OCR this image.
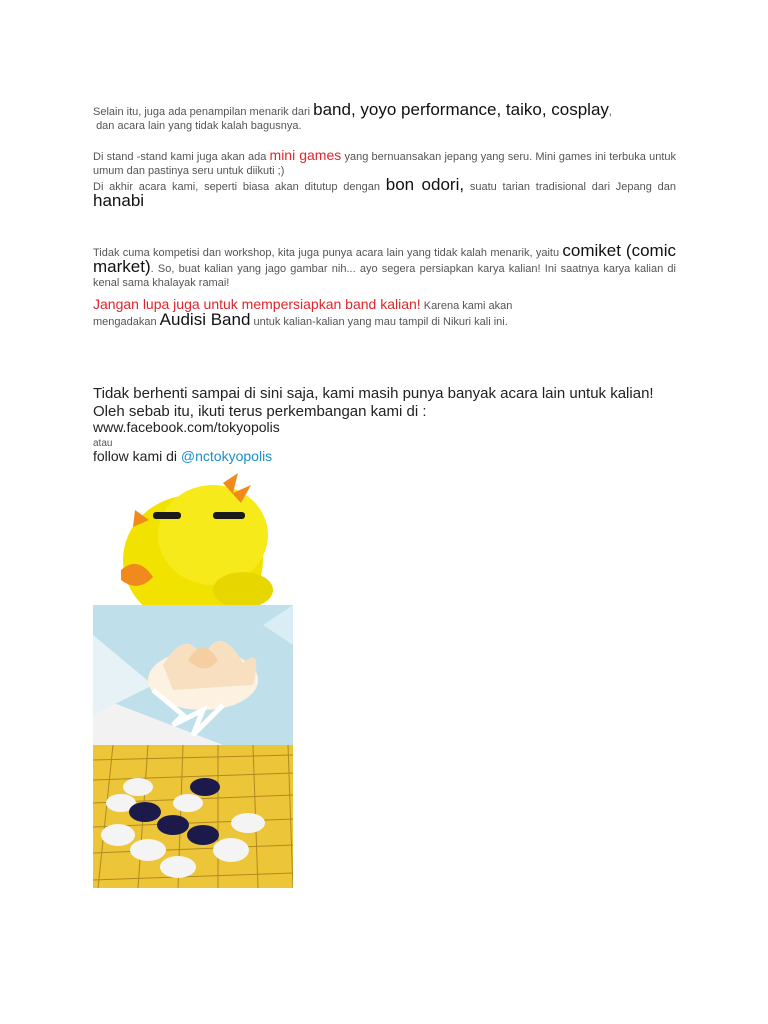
Selain itu, juga ada penampilan menarik dari band, yoyo performance, taiko, cosplay,
dan acara lain yang tidak kalah bagusnya.
Di stand -stand kami juga akan ada mini games yang bernuansakan jepang yang seru. Mini games ini terbuka untuk umum dan pastinya seru untuk diikuti ;)
Di akhir acara kami, seperti biasa akan ditutup dengan bon odori, suatu tarian tradisional dari Jepang dan hanabi
Tidak cuma kompetisi dan workshop, kita juga punya acara lain yang tidak kalah menarik, yaitu comiket (comic market). So, buat kalian yang jago gambar nih... ayo segera persiapkan karya kalian! Ini saatnya karya kalian di kenal sama khalayak ramai!
Jangan lupa juga untuk mempersiapkan band kalian! Karena kami akan
mengadakan Audisi Band untuk kalian-kalian yang mau tampil di Nikuri kali ini.
Tidak berhenti sampai di sini saja, kami masih punya banyak acara lain untuk kalian!
Oleh sebab itu, ikuti terus perkembangan kami di :
www.facebook.com/tokyopolis
atau
follow kami di @nctokyopolis
